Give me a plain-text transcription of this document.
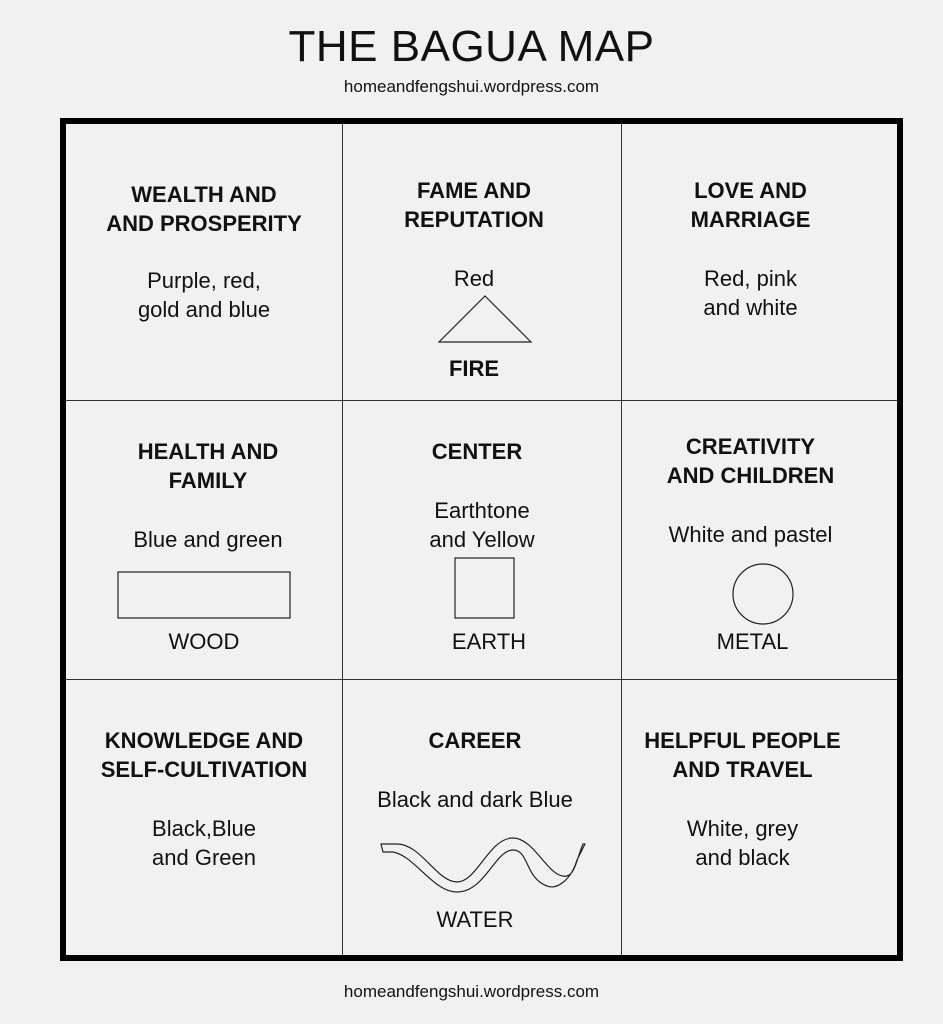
THE BAGUA MAP
homeandfengshui.wordpress.com
WEALTH AND
AND PROSPERITY
Purple, red,
gold and blue
FAME AND
REPUTATION
Red
FIRE
LOVE AND
MARRIAGE
Red, pink
and white
HEALTH AND
FAMILY
Blue and green
WOOD
CENTER
Earthtone
and Yellow
EARTH
CREATIVITY
AND CHILDREN
White and pastel
METAL
KNOWLEDGE AND
SELF-CULTIVATION
Black,Blue
and Green
CAREER
Black and dark Blue
WATER
HELPFUL PEOPLE
AND TRAVEL
White, grey
and black
homeandfengshui.wordpress.com
